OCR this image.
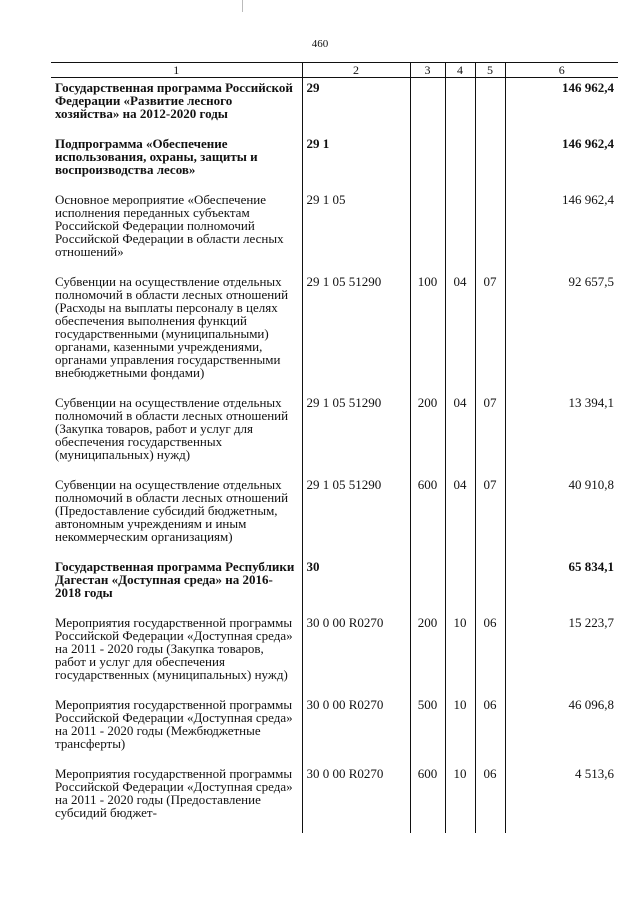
460
1	2	3	4	5	6
Государственная программа Российской Федерации «Развитие лесного хозяйства» на 2012-2020 годы	29				146 962,4
Подпрограмма «Обеспечение использования, охраны, защиты и воспроизводства лесов»	29 1				146 962,4
Основное мероприятие «Обеспечение исполнения переданных субъектам Российской Федерации полномочий Российской Федерации в области лесных отношений»	29 1 05				146 962,4
Субвенции на осуществление отдельных полномочий в области лесных отношений (Расходы на выплаты персоналу в целях обеспечения выполнения функций государственными (муниципальными) органами, казенными учреждениями, органами управления государственными внебюджетными фондами)	29 1 05 51290	100	04	07	92 657,5
Субвенции на осуществление отдельных полномочий в области лесных отношений (Закупка товаров, работ и услуг для обеспечения государственных (муниципальных) нужд)	29 1 05 51290	200	04	07	13 394,1
Субвенции на осуществление отдельных полномочий в области лесных отношений (Предоставление субсидий бюджетным, автономным учреждениям и иным некоммерческим организациям)	29 1 05 51290	600	04	07	40 910,8
Государственная программа Республики Дагестан «Доступная среда» на 2016-2018 годы	30				65 834,1
Мероприятия государственной программы Российской Федерации «Доступная среда» на 2011 - 2020 годы (Закупка товаров, работ и услуг для обеспечения государственных (муниципальных) нужд)	30 0 00 R0270	200	10	06	15 223,7
Мероприятия государственной программы Российской Федерации «Доступная среда» на 2011 - 2020 годы (Межбюджетные трансферты)	30 0 00 R0270	500	10	06	46 096,8
Мероприятия государственной программы Российской Федерации «Доступная среда» на 2011 - 2020 годы (Предоставление субсидий бюджет-	30 0 00 R0270	600	10	06	4 513,6
